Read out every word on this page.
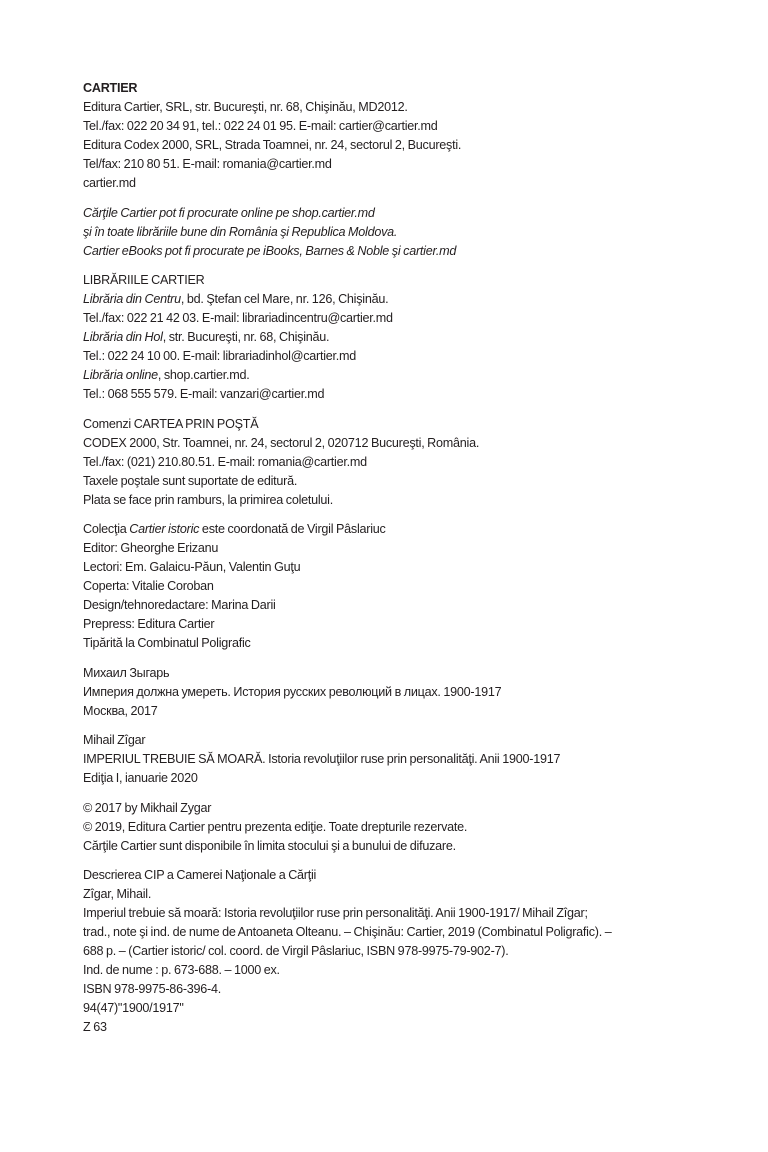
CARTIER
Editura Cartier, SRL, str. Bucureşti, nr. 68, Chişinău, MD2012.
Tel./fax: 022 20 34 91, tel.: 022 24 01 95. E-mail: cartier@cartier.md
Editura Codex 2000, SRL, Strada Toamnei, nr. 24, sectorul 2, Bucureşti.
Tel/fax: 210 80 51. E-mail: romania@cartier.md
cartier.md
Cărţile Cartier pot fi procurate online pe shop.cartier.md
şi în toate librăriile bune din România şi Republica Moldova.
Cartier eBooks pot fi procurate pe iBooks, Barnes & Noble şi cartier.md
LIBRĂRIILE CARTIER
Librăria din Centru, bd. Ştefan cel Mare, nr. 126, Chişinău.
Tel./fax: 022 21 42 03. E-mail: librariadincentru@cartier.md
Librăria din Hol, str. Bucureşti, nr. 68, Chişinău.
Tel.: 022 24 10 00. E-mail: librariadinhol@cartier.md
Librăria online, shop.cartier.md.
Tel.: 068 555 579. E-mail: vanzari@cartier.md
Comenzi CARTEA PRIN POŞTĂ
CODEX 2000, Str. Toamnei, nr. 24, sectorul 2, 020712 Bucureşti, România.
Tel./fax: (021) 210.80.51. E-mail: romania@cartier.md
Taxele poştale sunt suportate de editură.
Plata se face prin ramburs, la primirea coletului.
Colecţia Cartier istoric este coordonată de Virgil Pâslariuc
Editor: Gheorghe Erizanu
Lectori: Em. Galaicu-Păun, Valentin Guţu
Coperta: Vitalie Coroban
Design/tehnoredactare: Marina Darii
Prepress: Editura Cartier
Tipărită la Combinatul Poligrafic
Михаил Зыгарь
Империя должна умереть. История русских революций в лицах. 1900-1917
Москва, 2017
Mihail Zîgar
IMPERIUL TREBUIE SĂ MOARĂ. Istoria revoluţiilor ruse prin personalităţi. Anii 1900-1917
Ediţia I, ianuarie 2020
© 2017 by Mikhail Zygar
© 2019, Editura Cartier pentru prezenta ediţie. Toate drepturile rezervate.
Cărţile Cartier sunt disponibile în limita stocului şi a bunului de difuzare.
Descrierea CIP a Camerei Naţionale a Cărţii
Zîgar, Mihail.
Imperiul trebuie să moară: Istoria revoluţiilor ruse prin personalităţi. Anii 1900-1917/ Mihail Zîgar;
trad., note şi ind. de nume de Antoaneta Olteanu. – Chişinău: Cartier, 2019 (Combinatul Poligrafic). –
688 p. – (Cartier istoric/ col. coord. de Virgil Pâslariuc, ISBN 978-9975-79-902-7).
Ind. de nume : p. 673-688. – 1000 ex.
ISBN 978-9975-86-396-4.
94(47)"1900/1917"
Z 63
